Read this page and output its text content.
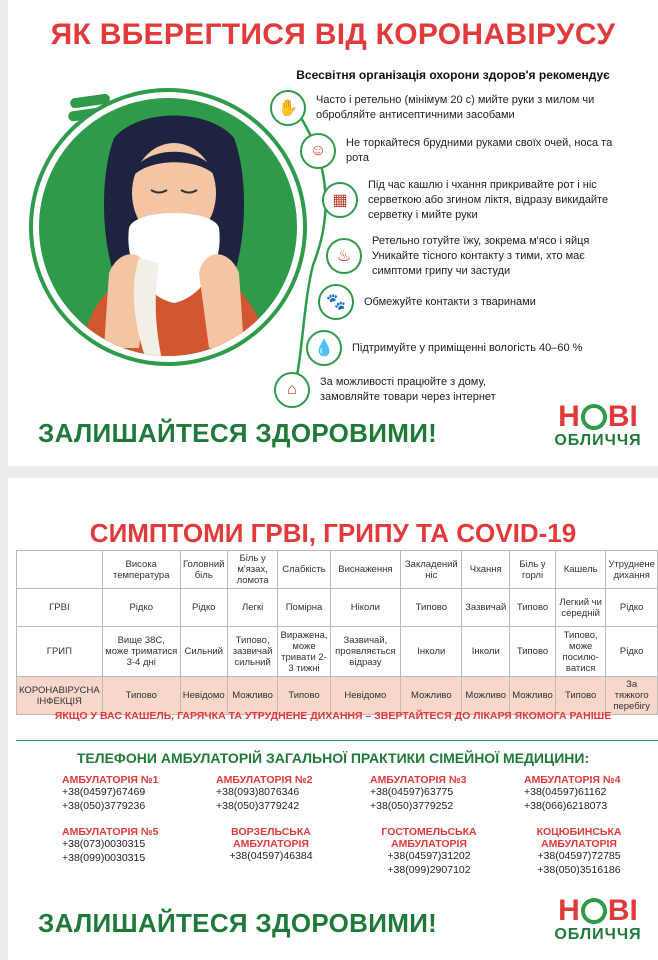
ЯК ВБЕРЕГТИСЯ ВІД КОРОНАВІРУСУ
Всесвітня організація охорони здоров'я рекомендує
✋	Часто і ретельно (мінімум 20 с) мийте руки з милом чи обробляйте антисептичними засобами
☺	Не торкайтеся брудними руками своїх очей, носа та рота
▦
Під час кашлю і чхання прикривайте рот і ніс серветкою або згином ліктя, відразу викидайте серветку і мийте руки
♨
Ретельно готуйте їжу, зокрема м'ясо і яйця Уникайте тісного контакту з тими, хто має симптоми грипу чи застуди
🐾	Обмежуйте контакти з тваринами
💧	Підтримуйте у приміщенні вологість 40–60 %
⌂	За можливості працюйте з дому, замовляйте товари через інтернет
ЗАЛИШАЙТЕСЯ ЗДОРОВИМИ!	Н ВІ
ОБЛИЧЧЯ
СИМПТОМИ ГРВІ, ГРИПУ ТА COVID-19
	Висока температура	Головний біль	Біль у м'язах, ломота	Слабкість	Виснаження	Закладений ніс	Чхання	Біль у горлі	Кашель	Утруднене дихання
ГРВІ	Рідко	Рідко	Легкі	Помірна	Ніколи	Типово	Зазвичай	Типово	Легкий чи середній	Рідко
ГРИП	Вище 38С, може триматися 3-4 дні	Сильний	Типово, зазвичай сильний	Виражена, може тривати 2-3 тижні	Зазвичай, проявляється відразу	Інколи	Інколи	Типово	Типово, може посилю-ватися	Рідко
КОРОНАВІРУСНА ІНФЕКЦІЯ	Типово	Невідомо	Можливо	Типово	Невідомо	Можливо	Можливо	Можливо	Типово	За тяжкого перебігу
ЯКЩО У ВАС КАШЕЛЬ, ГАРЯЧКА ТА УТРУДНЕНЕ ДИХАННЯ – ЗВЕРТАЙТЕСЯ ДО ЛІКАРЯ ЯКОМОГА РАНІШЕ
ТЕЛЕФОНИ АМБУЛАТОРІЙ ЗАГАЛЬНОЇ ПРАКТИКИ СІМЕЙНОЇ МЕДИЦИНИ:
АМБУЛАТОРІЯ №1
+38(04597)67469
+38(050)3779236
АМБУЛАТОРІЯ №2
+38(093)8076346
+38(050)3779242
АМБУЛАТОРІЯ №3
+38(04597)63775
+38(050)3779252
АМБУЛАТОРІЯ №4
+38(04597)61162
+38(066)6218073
АМБУЛАТОРІЯ №5
+38(073)0030315
+38(099)0030315
ВОРЗЕЛЬСЬКА АМБУЛАТОРІЯ
+38(04597)46384
ГОСТОМЕЛЬСЬКА АМБУЛАТОРІЯ
+38(04597)31202
+38(099)2907102
КОЦЮБИНСЬКА АМБУЛАТОРІЯ
+38(04597)72785
+38(050)3516186
ЗАЛИШАЙТЕСЯ ЗДОРОВИМИ!	Н ВІ
ОБЛИЧЧЯ
